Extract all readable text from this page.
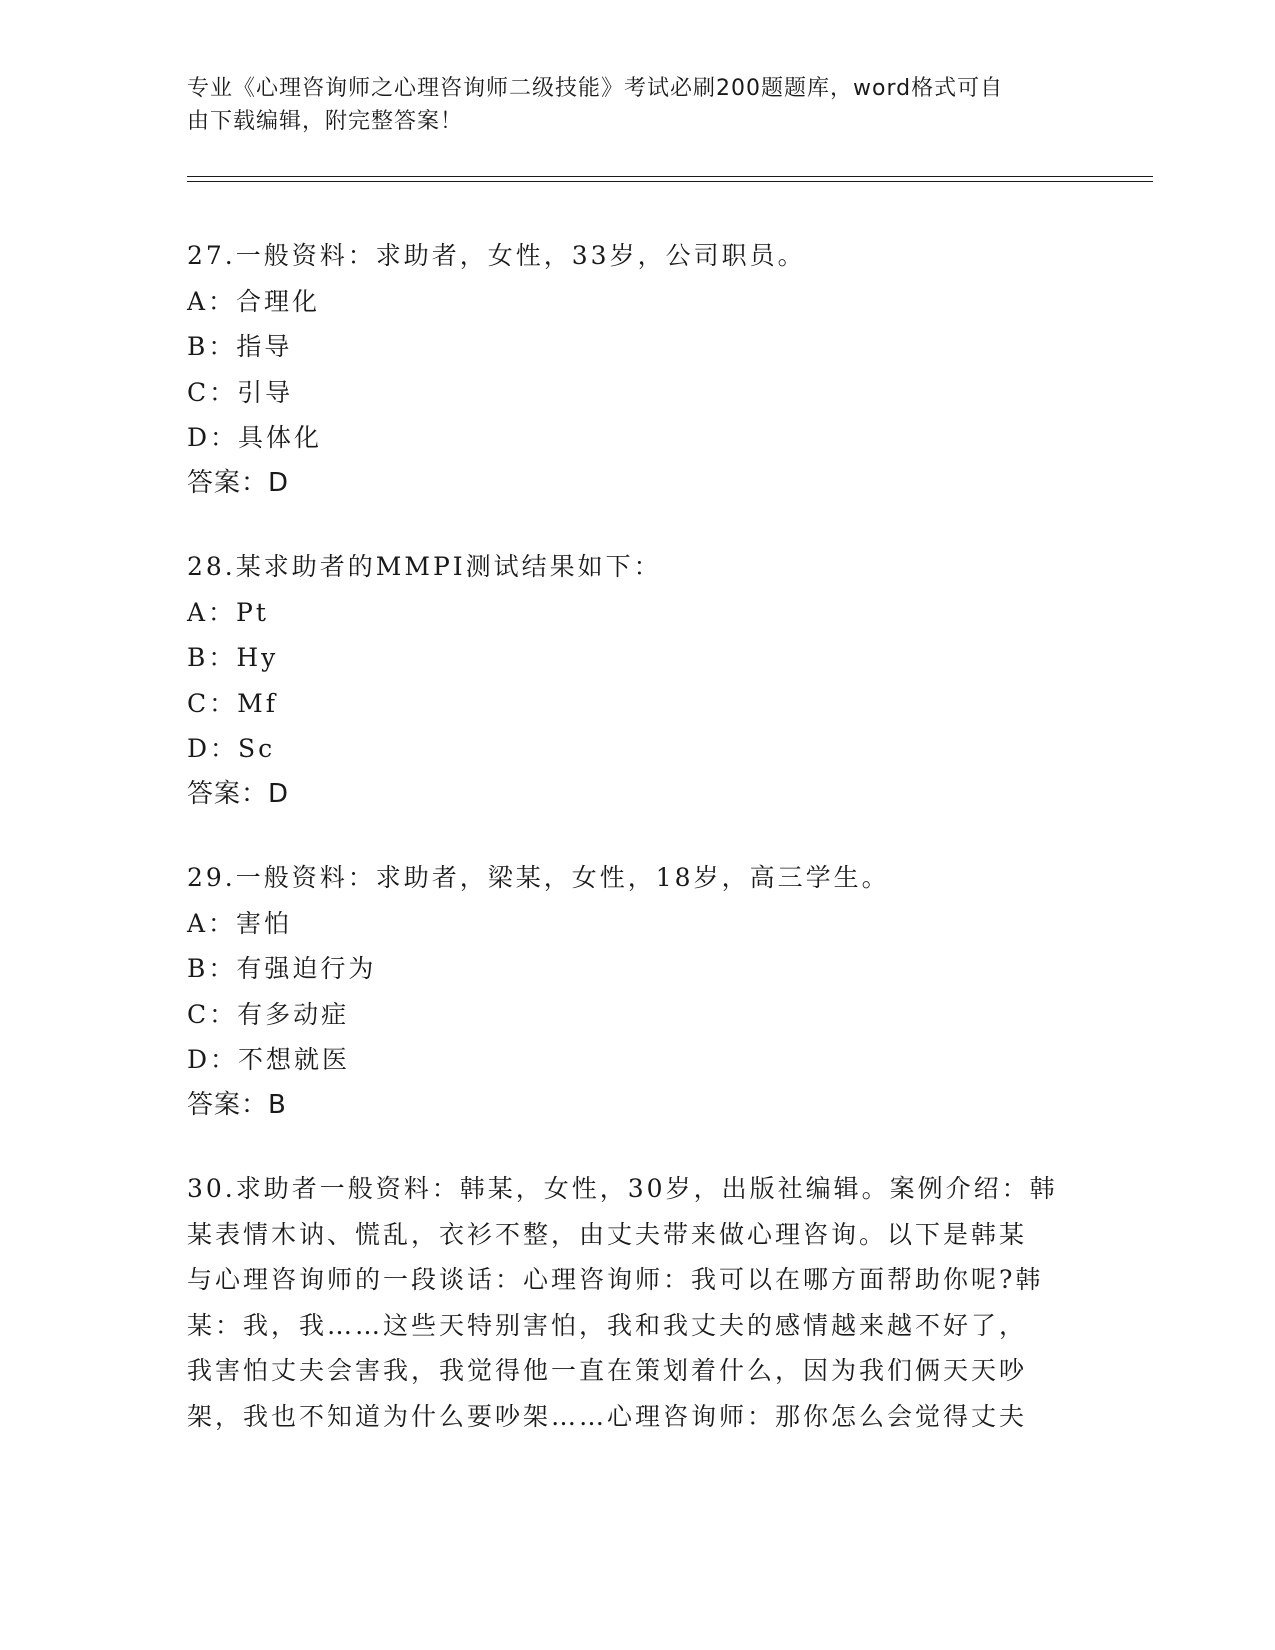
专业《心理咨询师之心理咨询师二级技能》考试必刷200题题库，word格式可自
由下载编辑，附完整答案！
27.一般资料：求助者，女性，33岁，公司职员。
A：合理化
B：指导
C：引导
D：具体化
答案：D
28.某求助者的MMPI测试结果如下：
A：Pt
B：Hy
C：Mf
D：Sc
答案：D
29.一般资料：求助者，梁某，女性，18岁，高三学生。
A：害怕
B：有强迫行为
C：有多动症
D：不想就医
答案：B
30.求助者一般资料：韩某，女性，30岁，出版社编辑。案例介绍：韩
某表情木讷、慌乱，衣衫不整，由丈夫带来做心理咨询。以下是韩某
与心理咨询师的一段谈话：心理咨询师：我可以在哪方面帮助你呢?韩
某：我，我……这些天特别害怕，我和我丈夫的感情越来越不好了，
我害怕丈夫会害我，我觉得他一直在策划着什么，因为我们俩天天吵
架，我也不知道为什么要吵架……心理咨询师：那你怎么会觉得丈夫
